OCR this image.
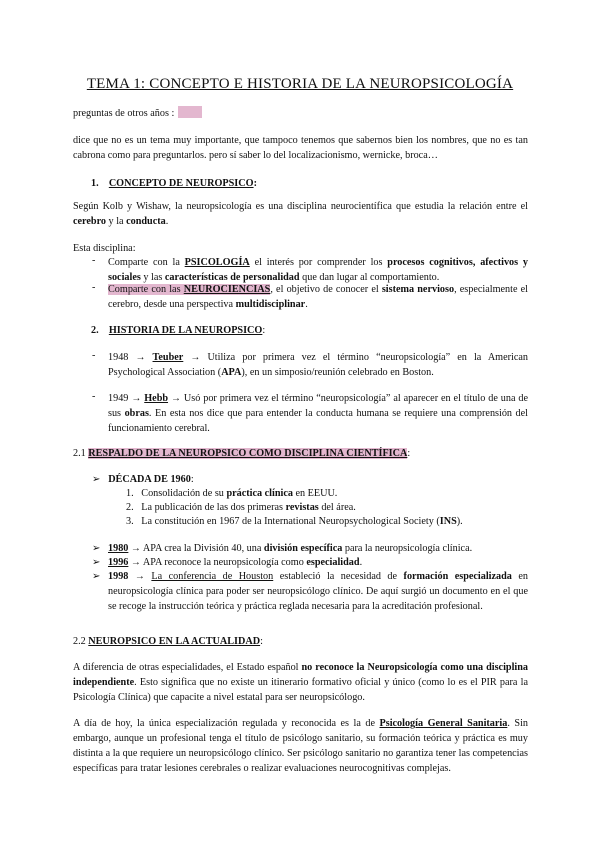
TEMA 1: CONCEPTO E HISTORIA DE LA NEUROPSICOLOGÍA
preguntas de otros años :
dice que no es un tema muy importante, que tampoco tenemos que sabernos bien los nombres, que no es tan cabrona como para preguntarlos. pero sí saber lo del localizacionismo, wernicke, broca…
1. CONCEPTO DE NEUROPSICO:
Según Kolb y Wishaw, la neuropsicología es una disciplina neurocientífica que estudia la relación entre el cerebro y la conducta.
Esta disciplina:
- Comparte con la PSICOLOGÍA el interés por comprender los procesos cognitivos, afectivos y sociales y las características de personalidad que dan lugar al comportamiento.
- Comparte con las NEUROCIENCIAS, el objetivo de conocer el sistema nervioso, especialmente el cerebro, desde una perspectiva multidisciplinar.
2. HISTORIA DE LA NEUROPSICO:
- 1948 → Teuber → Utiliza por primera vez el término “neuropsicología” en la American Psychological Association (APA), en un simposio/reunión celebrado en Boston.
- 1949 → Hebb → Usó por primera vez el término “neuropsicología” al aparecer en el título de una de sus obras. En esta nos dice que para entender la conducta humana se requiere una comprensión del funcionamiento cerebral.
2.1 RESPALDO DE LA NEUROPSICO COMO DISCIPLINA CIENTÍFICA:
➢ DÉCADA DE 1960:
1. Consolidación de su práctica clínica en EEUU.
2. La publicación de las dos primeras revistas del área.
3. La constitución en 1967 de la International Neuropsychological Society (INS).
➢ 1980 → APA crea la División 40, una división específica para la neuropsicología clínica.
➢ 1996 → APA reconoce la neuropsicología como especialidad.
➢ 1998 → La conferencia de Houston estableció la necesidad de formación especializada en neuropsicología clínica para poder ser neuropsicólogo clínico. De aquí surgió un documento en el que se recoge la instrucción teórica y práctica reglada necesaria para la acreditación profesional.
2.2 NEUROPSICO EN LA ACTUALIDAD:
A diferencia de otras especialidades, el Estado español no reconoce la Neuropsicología como una disciplina independiente. Esto significa que no existe un itinerario formativo oficial y único (como lo es el PIR para la Psicología Clínica) que capacite a nivel estatal para ser neuropsicólogo.
A día de hoy, la única especialización regulada y reconocida es la de Psicología General Sanitaria. Sin embargo, aunque un profesional tenga el título de psicólogo sanitario, su formación teórica y práctica es muy distinta a la que requiere un neuropsicólogo clínico. Ser psicólogo sanitario no garantiza tener las competencias específicas para tratar lesiones cerebrales o realizar evaluaciones neurocognitivas complejas.
